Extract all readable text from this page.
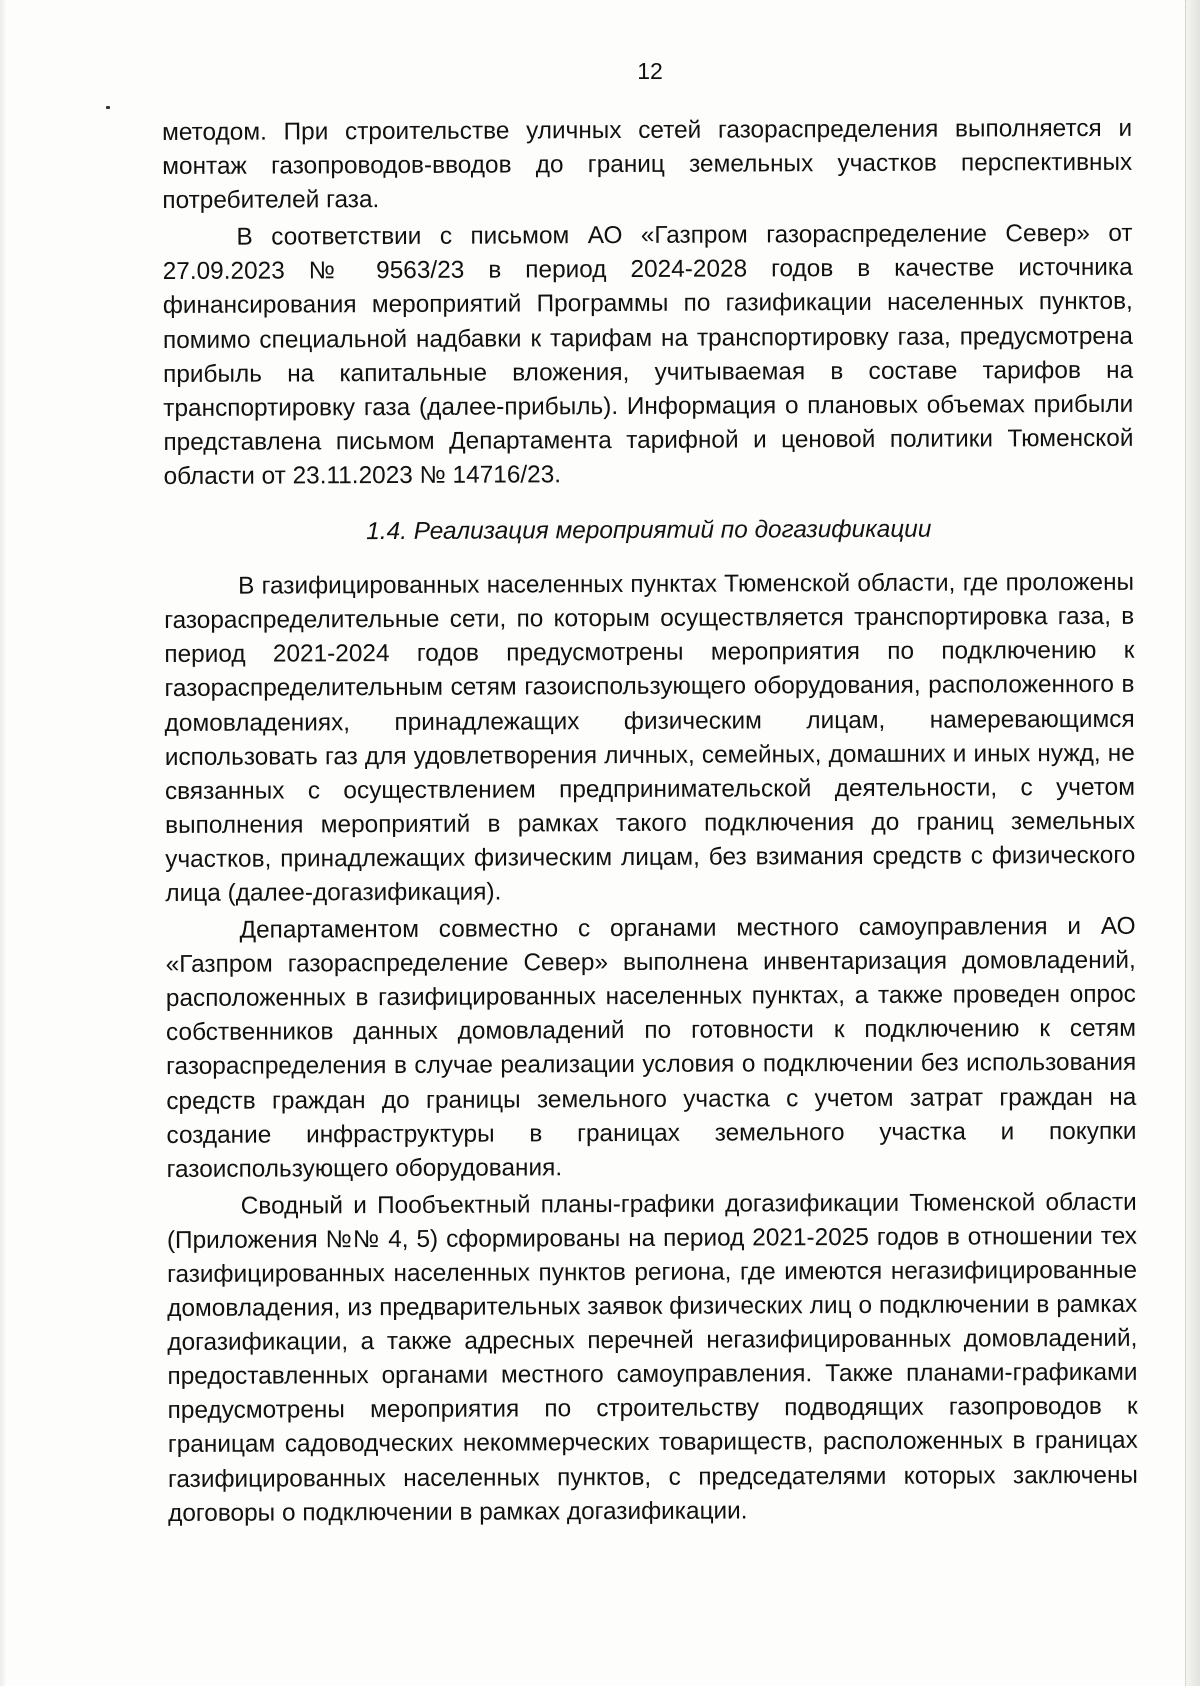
12

методом. При строительстве уличных сетей газораспределения выполняется и монтаж газопроводов-вводов до границ земельных участков перспективных потребителей газа.

В соответствии с письмом АО «Газпром газораспределение Север» от 27.09.2023 № 9563/23 в период 2024-2028 годов в качестве источника финансирования мероприятий Программы по газификации населенных пунктов, помимо специальной надбавки к тарифам на транспортировку газа, предусмотрена прибыль на капитальные вложения, учитываемая в составе тарифов на транспортировку газа (далее-прибыль). Информация о плановых объемах прибыли представлена письмом Департамента тарифной и ценовой политики Тюменской области от 23.11.2023 № 14716/23.

1.4. Реализация мероприятий по догазификации

В газифицированных населенных пунктах Тюменской области, где проложены газораспределительные сети, по которым осуществляется транспортировка газа, в период 2021-2024 годов предусмотрены мероприятия по подключению к газораспределительным сетям газоиспользующего оборудования, расположенного в домовладениях, принадлежащих физическим лицам, намеревающимся использовать газ для удовлетворения личных, семейных, домашних и иных нужд, не связанных с осуществлением предпринимательской деятельности, с учетом выполнения мероприятий в рамках такого подключения до границ земельных участков, принадлежащих физическим лицам, без взимания средств с физического лица (далее-догазификация).

Департаментом совместно с органами местного самоуправления и АО «Газпром газораспределение Север» выполнена инвентаризация домовладений, расположенных в газифицированных населенных пунктах, а также проведен опрос собственников данных домовладений по готовности к подключению к сетям газораспределения в случае реализации условия о подключении без использования средств граждан до границы земельного участка с учетом затрат граждан на создание инфраструктуры в границах земельного участка и покупки газоиспользующего оборудования.

Сводный и Пообъектный планы-графики догазификации Тюменской области (Приложения №№ 4, 5) сформированы на период 2021-2025 годов в отношении тех газифицированных населенных пунктов региона, где имеются негазифицированные домовладения, из предварительных заявок физических лиц о подключении в рамках догазификации, а также адресных перечней негазифицированных домовладений, предоставленных органами местного самоуправления. Также планами-графиками предусмотрены мероприятия по строительству подводящих газопроводов к границам садоводческих некоммерческих товариществ, расположенных в границах газифицированных населенных пунктов, с председателями которых заключены договоры о подключении в рамках догазификации.
